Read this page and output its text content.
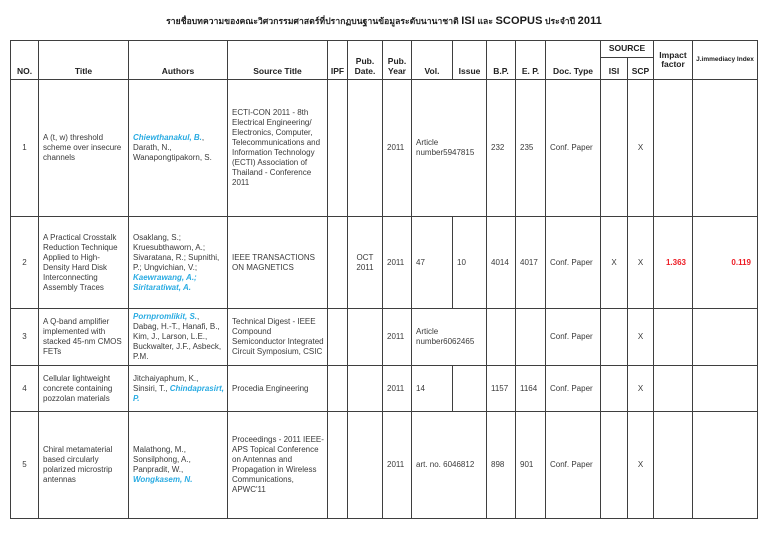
รายชื่อบทความของคณะวิศวกรรมศาสตร์ที่ปรากฏบนฐานข้อมูลระดับนานาชาติ ISI และ SCOPUS ประจำปี 2011
NO.	Title	Authors	Source Title	IPF	Pub. Date.	Pub. Year	Vol.	Issue	B.P.	E. P.	Doc. Type	SOURCE		Impact factor	J.immediacy Index
												ISI	SCP		
1	A (t, w) threshold scheme over insecure channels	Chiewthanakul, B., Darath, N., Wanapongtipakorn, S.	ECTI-CON 2011 - 8th Electrical Engineering/ Electronics, Computer, Telecommunications and Information Technology (ECTI) Association of Thailand - Conference 2011			2011	Article number5947815		232	235	Conf. Paper		X		
2	A Practical Crosstalk Reduction Technique Applied to High-Density Hard Disk Interconnecting Assembly Traces	Osaklang, S.; Kruesubthaworn, A.; Sivaratana, R.; Supnithi, P.; Ungvichian, V.; Kaewrawang, A.; Siritaratiwat, A.	IEEE TRANSACTIONS ON MAGNETICS		OCT 2011	2011	47	10	4014	4017	Conf. Paper	X	X	1.363	0.119
3	A Q-band amplifier implemented with stacked 45-nm CMOS FETs	Pornpromlikit, S., Dabag, H.-T., Hanafi, B., Kim, J., Larson, L.E., Buckwalter, J.F., Asbeck, P.M.	Technical Digest - IEEE Compound Semiconductor Integrated Circuit Symposium, CSIC			2011	Article number6062465				Conf. Paper		X		
4	Cellular lightweight concrete containing pozzolan materials	Jitchaiyaphum, K., Sinsiri, T., Chindaprasirt, P.	Procedia Engineering			2011	14		1157	1164	Conf. Paper		X		
5	Chiral metamaterial based circularly polarized microstrip antennas	Malathong, M., Sonsilphong, A., Panpradit, W., Wongkasem, N.	Proceedings - 2011 IEEE-APS Topical Conference on Antennas and Propagation in Wireless Communications, APWC'11			2011	art. no. 6046812		898	901	Conf. Paper		X		
